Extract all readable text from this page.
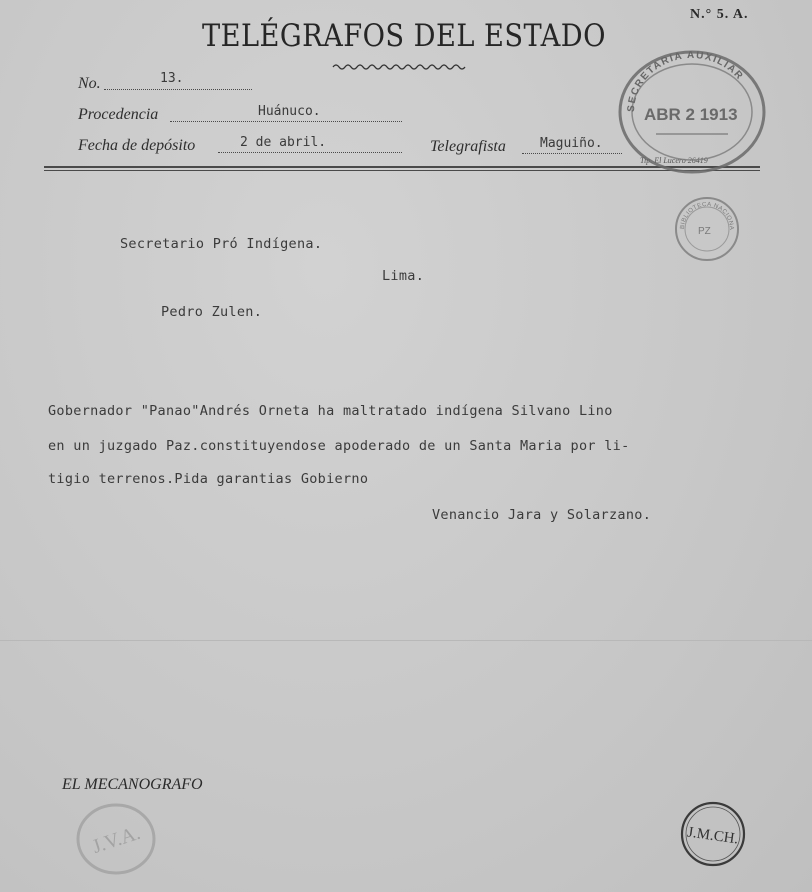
N.° 5. A.
TELÉGRAFOS DEL ESTADO
No.	13.
Procedencia	Huánuco.
Fecha de depósito	2 de abril.	Telegrafista	Maguiño.
Tip. El Lucero 26419
SECRETARIA AUXILIAR
ABR 2 1913
BIBLIOTECA NACIONA
PZ
Secretario Pró Indígena.
Lima.
Pedro Zulen.
Gobernador "Panao"Andrés Orneta ha maltratado indígena Silvano Lino
en un juzgado Paz.constituyendose apoderado de un Santa Maria por li-
tigio terrenos.Pida garantias Gobierno
Venancio Jara y Solarzano.
EL MECANOGRAFO
J.V.A.	J.M.CH.
